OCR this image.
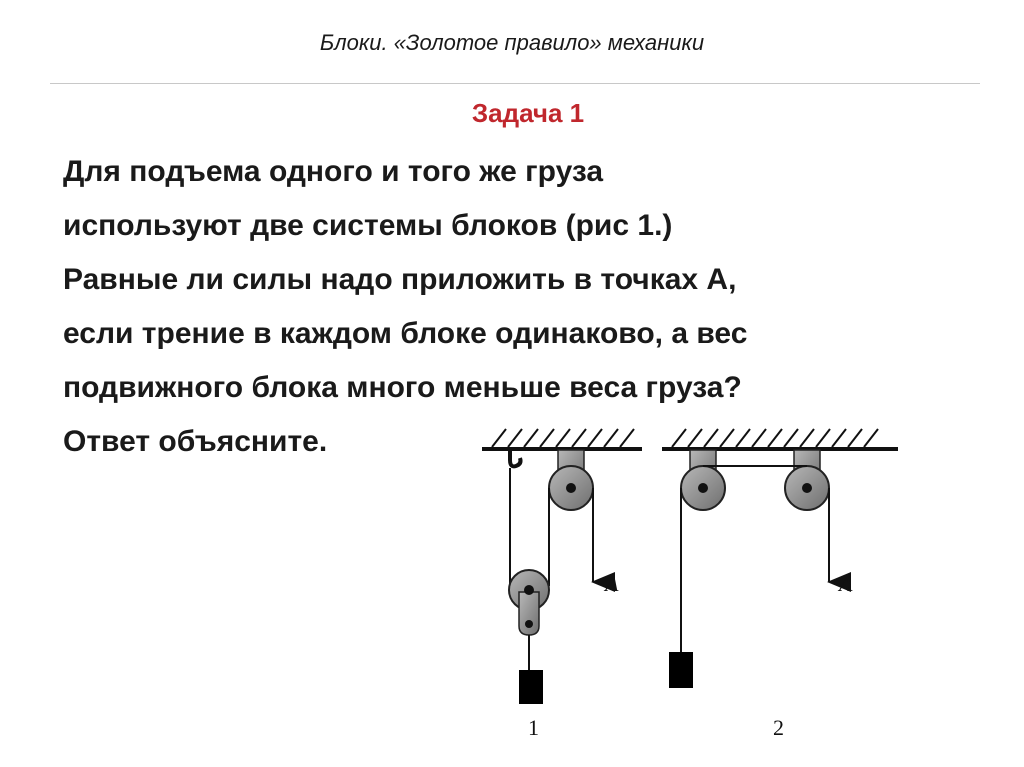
Блоки. «Золотое правило» механики
Задача 1
Для подъема одного и того же груза
используют две системы блоков (рис 1.)
Равные ли силы надо приложить в точках А,
если трение в каждом блоке одинаково, а вес
подвижного блока много меньше веса груза?
Ответ объясните.
A
1
A
2
